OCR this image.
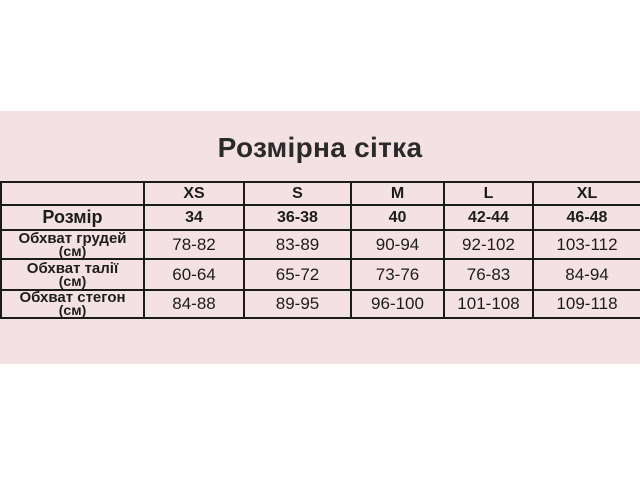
Розмірна сітка
	XS	S	M	L	XL
Розмір	34	36-38	40	42-44	46-48

Обхват грудей
(см)	78-82	83-89	90-94	92-102	103-112

Обхват талії
(см)	60-64	65-72	73-76	76-83	84-94

Обхват стегон
(см)	84-88	89-95	96-100	101-108	109-118
